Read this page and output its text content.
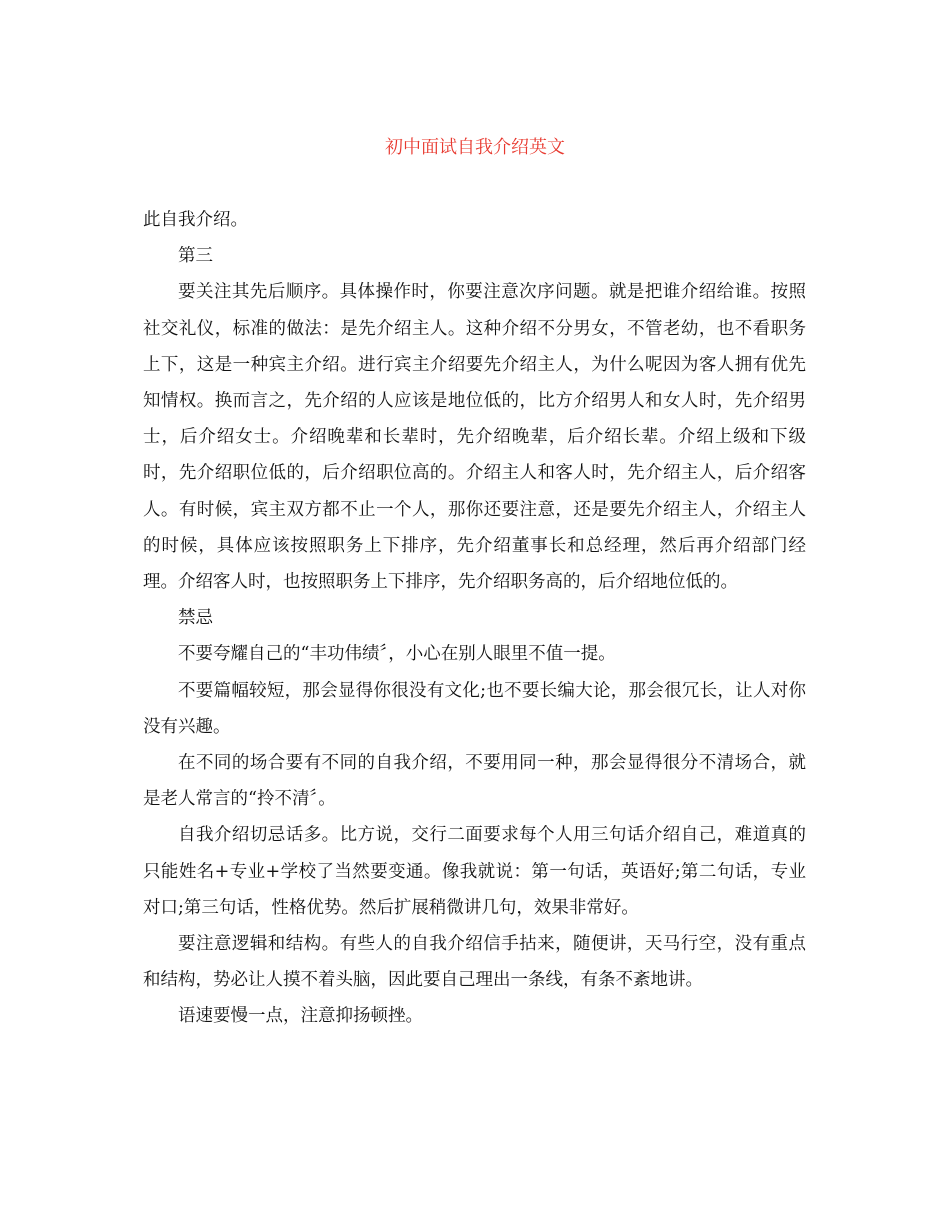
初中面试自我介绍英文

此自我介绍。

第三

要关注其先后顺序。具体操作时，你要注意次序问题。就是把谁介绍给谁。按照社交礼仪，标准的做法：是先介绍主人。这种介绍不分男女，不管老幼，也不看职务上下，这是一种宾主介绍。进行宾主介绍要先介绍主人，为什么呢因为客人拥有优先知情权。换而言之，先介绍的人应该是地位低的，比方介绍男人和女人时，先介绍男士，后介绍女士。介绍晚辈和长辈时，先介绍晚辈，后介绍长辈。介绍上级和下级时，先介绍职位低的，后介绍职位高的。介绍主人和客人时，先介绍主人，后介绍客人。有时候，宾主双方都不止一个人，那你还要注意，还是要先介绍主人，介绍主人的时候，具体应该按照职务上下排序，先介绍董事长和总经理，然后再介绍部门经理。介绍客人时，也按照职务上下排序，先介绍职务高的，后介绍地位低的。

禁忌

不要夸耀自己的“丰功伟绩〞，小心在别人眼里不值一提。

不要篇幅较短，那会显得你很没有文化;也不要长编大论，那会很冗长，让人对你没有兴趣。

在不同的场合要有不同的自我介绍，不要用同一种，那会显得很分不清场合，就是老人常言的“拎不清〞。

自我介绍切忌话多。比方说，交行二面要求每个人用三句话介绍自己，难道真的只能姓名+专业+学校了当然要变通。像我就说：第一句话，英语好;第二句话，专业对口;第三句话，性格优势。然后扩展稍微讲几句，效果非常好。

要注意逻辑和结构。有些人的自我介绍信手拈来，随便讲，天马行空，没有重点和结构，势必让人摸不着头脑，因此要自己理出一条线，有条不紊地讲。

语速要慢一点，注意抑扬顿挫。
